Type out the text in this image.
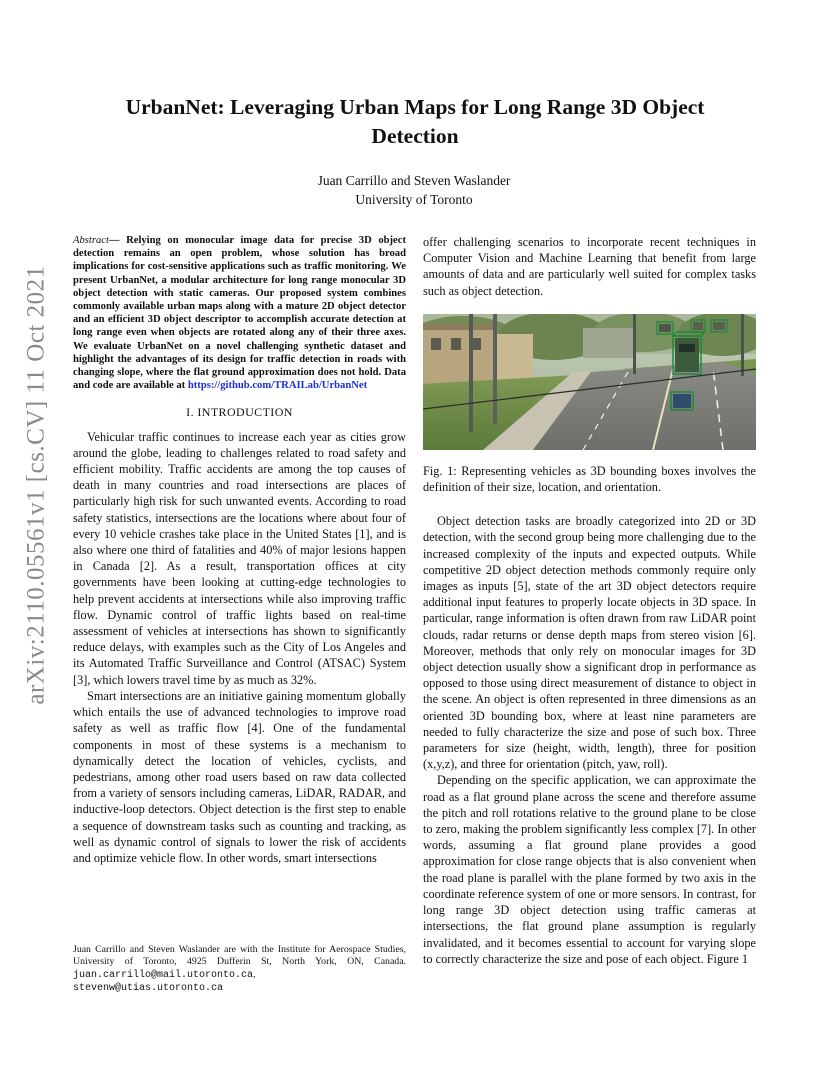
arXiv:2110.05561v1 [cs.CV] 11 Oct 2021
UrbanNet: Leveraging Urban Maps for Long Range 3D Object Detection
Juan Carrillo and Steven Waslander
University of Toronto

Abstract— Relying on monocular image data for precise 3D object detection remains an open problem, whose solution has broad implications for cost-sensitive applications such as traffic monitoring. We present UrbanNet, a modular architecture for long range monocular 3D object detection with static cameras. Our proposed system combines commonly available urban maps along with a mature 2D object detector and an efficient 3D object descriptor to accomplish accurate detection at long range even when objects are rotated along any of their three axes. We evaluate UrbanNet on a novel challenging synthetic dataset and highlight the advantages of its design for traffic detection in roads with changing slope, where the flat ground approximation does not hold. Data and code are available at https://github.com/TRAILab/UrbanNet

I. INTRODUCTION

Vehicular traffic continues to increase each year as cities grow around the globe, leading to challenges related to road safety and efficient mobility. Traffic accidents are among the top causes of death in many countries and road intersections are places of particularly high risk for such unwanted events. According to road safety statistics, intersections are the locations where about four of every 10 vehicle crashes take place in the United States [1], and is also where one third of fatalities and 40% of major lesions happen in Canada [2]. As a result, transportation offices at city governments have been looking at cutting-edge technologies to help prevent accidents at intersections while also improving traffic flow. Dynamic control of traffic lights based on real-time assessment of vehicles at intersections has shown to significantly reduce delays, with examples such as the City of Los Angeles and its Automated Traffic Surveillance and Control (ATSAC) System [3], which lowers travel time by as much as 32%.

Smart intersections are an initiative gaining momentum globally which entails the use of advanced technologies to improve road safety as well as traffic flow [4]. One of the fundamental components in most of these systems is a mechanism to dynamically detect the location of vehicles, cyclists, and pedestrians, among other road users based on raw data collected from a variety of sensors including cameras, LiDAR, RADAR, and inductive-loop detectors. Object detection is the first step to enable a sequence of downstream tasks such as counting and tracking, as well as dynamic control of signals to lower the risk of accidents and optimize vehicle flow. In other words, smart intersections

Juan Carrillo and Steven Waslander are with the Institute for Aerospace Studies, University of Toronto, 4925 Dufferin St, North York, ON, Canada. juan.carrillo@mail.utoronto.ca, stevenw@utias.utoronto.ca

offer challenging scenarios to incorporate recent techniques in Computer Vision and Machine Learning that benefit from large amounts of data and are particularly well suited for complex tasks such as object detection.

Fig. 1: Representing vehicles as 3D bounding boxes involves the definition of their size, location, and orientation.

Object detection tasks are broadly categorized into 2D or 3D detection, with the second group being more challenging due to the increased complexity of the inputs and expected outputs. While competitive 2D object detection methods commonly require only images as inputs [5], state of the art 3D object detectors require additional input features to properly locate objects in 3D space. In particular, range information is often drawn from raw LiDAR point clouds, radar returns or dense depth maps from stereo vision [6]. Moreover, methods that only rely on monocular images for 3D object detection usually show a significant drop in performance as opposed to those using direct measurement of distance to object in the scene. An object is often represented in three dimensions as an oriented 3D bounding box, where at least nine parameters are needed to fully characterize the size and pose of such box. Three parameters for size (height, width, length), three for position (x,y,z), and three for orientation (pitch, yaw, roll).

Depending on the specific application, we can approximate the road as a flat ground plane across the scene and therefore assume the pitch and roll rotations relative to the ground plane to be close to zero, making the problem significantly less complex [7]. In other words, assuming a flat ground plane provides a good approximation for close range objects that is also convenient when the road plane is parallel with the plane formed by two axis in the coordinate reference system of one or more sensors. In contrast, for long range 3D object detection using traffic cameras at intersections, the flat ground plane assumption is regularly invalidated, and it becomes essential to account for varying slope to correctly characterize the size and pose of each object. Figure 1
